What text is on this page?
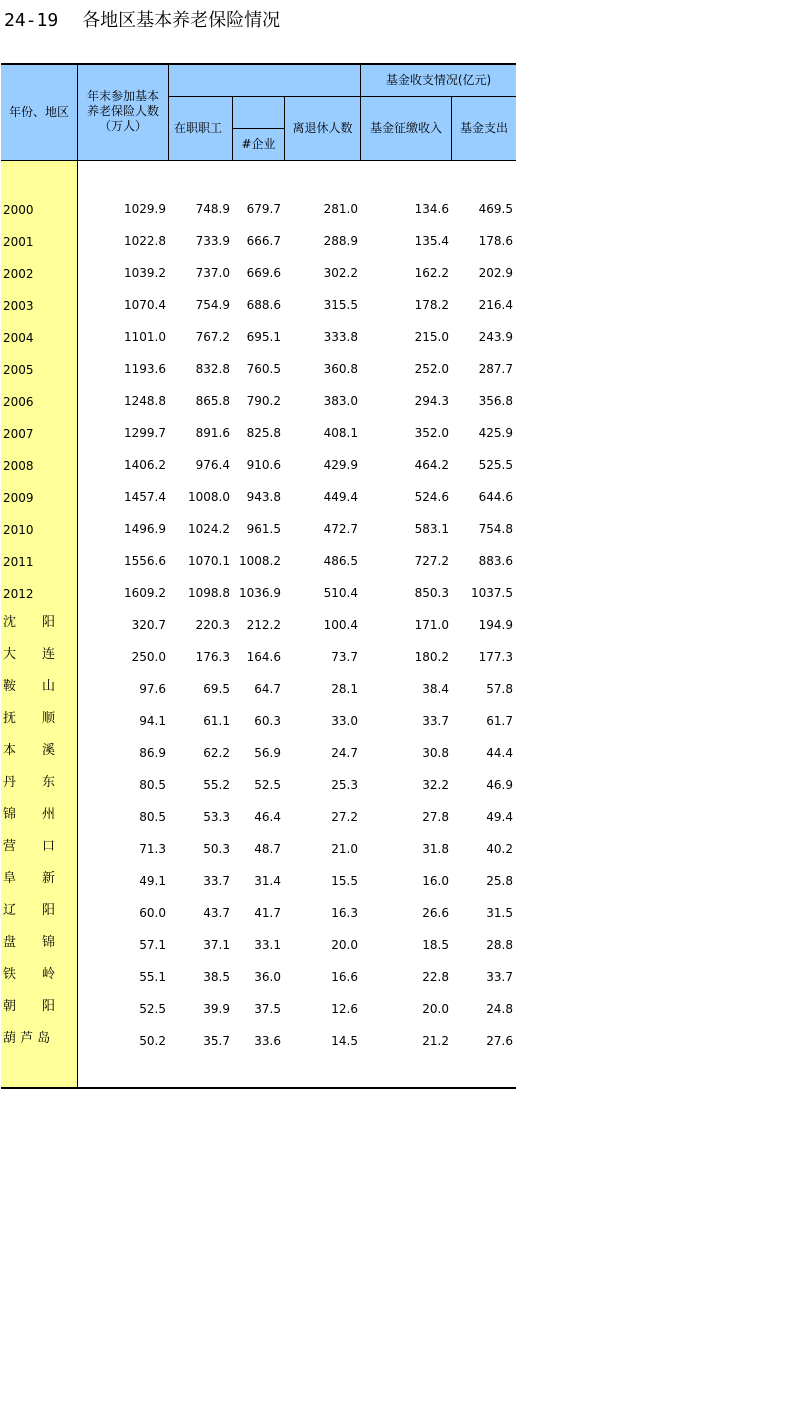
24-19 各地区基本养老保险情况
年份、地区
年末参加基本
养老保险人数
（万人）
基金收支情况(亿元)
在职职工
#企业
离退休人数	基金征缴收入	基金支出
2000	1029.9 748.9 679.7	281.0	134.6 469.5
2001	1022.8 733.9 666.7	288.9	135.4 178.6
2002	1039.2 737.0 669.6	302.2	162.2 202.9
2003	1070.4 754.9 688.6	315.5	178.2 216.4
2004	1101.0 767.2 695.1	333.8	215.0 243.9
2005	1193.6 832.8 760.5	360.8	252.0 287.7
2006	1248.8 865.8 790.2	383.0	294.3 356.8
2007	1299.7 891.6 825.8	408.1	352.0 425.9
2008	1406.2 976.4 910.6	429.9	464.2 525.5
2009	1457.4 1008.0 943.8	449.4	524.6 644.6
2010	1496.9 1024.2 961.5	472.7	583.1 754.8
2011	1556.6 1070.1 1008.2	486.5	727.2 883.6
2012	1609.2 1098.8 1036.9	510.4	850.3 1037.5
沈　　阳	320.7 220.3 212.2	100.4	171.0 194.9
大　　连	250.0 176.3 164.6	73.7	180.2 177.3
鞍　　山	97.6	69.5 64.7	28.1	38.4	57.8
抚　　顺	94.1	61.1 60.3	33.0	33.7	61.7
本　　溪	86.9	62.2 56.9	24.7	30.8	44.4
丹　　东	80.5	55.2 52.5	25.3	32.2	46.9
锦　　州	80.5	53.3 46.4	27.2	27.8	49.4
营　　口	71.3	50.3 48.7	21.0	31.8	40.2
阜　　新	49.1	33.7 31.4	15.5	16.0	25.8
辽　　阳	60.0	43.7 41.7	16.3	26.6	31.5
盘　　锦	57.1	37.1 33.1	20.0	18.5	28.8
铁　　岭	55.1	38.5 36.0	16.6	22.8	33.7
朝　　阳	52.5	39.9 37.5	12.6	20.0	24.8
葫 芦 岛	50.2	35.7 33.6	14.5	21.2	27.6
